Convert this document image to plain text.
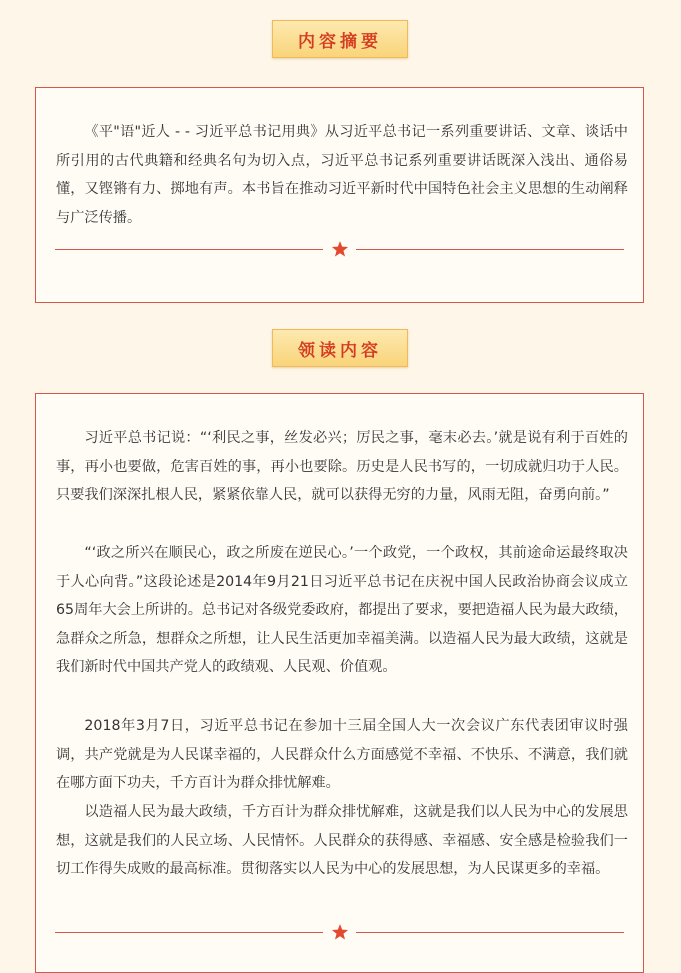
内容摘要

《平"语"近人 - - 习近平总书记用典》从习近平总书记一系列重要讲话、文章、谈话中所引用的古代典籍和经典名句为切入点，习近平总书记系列重要讲话既深入浅出、通俗易懂，又铿锵有力、掷地有声。本书旨在推动习近平新时代中国特色社会主义思想的生动阐释与广泛传播。

领读内容

习近平总书记说：“‘利民之事，丝发必兴；厉民之事，毫末必去。’就是说有利于百姓的事，再小也要做，危害百姓的事，再小也要除。历史是人民书写的，一切成就归功于人民。只要我们深深扎根人民，紧紧依靠人民，就可以获得无穷的力量，风雨无阻，奋勇向前。”

“‘政之所兴在顺民心，政之所废在逆民心。’一个政党，一个政权，其前途命运最终取决于人心向背。”这段论述是2014年9月21日习近平总书记在庆祝中国人民政治协商会议成立65周年大会上所讲的。总书记对各级党委政府，都提出了要求，要把造福人民为最大政绩，急群众之所急，想群众之所想，让人民生活更加幸福美满。以造福人民为最大政绩，这就是我们新时代中国共产党人的政绩观、人民观、价值观。

2018年3月7日，习近平总书记在参加十三届全国人大一次会议广东代表团审议时强调，共产党就是为人民谋幸福的，人民群众什么方面感觉不幸福、不快乐、不满意，我们就在哪方面下功夫，千方百计为群众排忧解难。

以造福人民为最大政绩，千方百计为群众排忧解难，这就是我们以人民为中心的发展思想，这就是我们的人民立场、人民情怀。人民群众的获得感、幸福感、安全感是检验我们一切工作得失成败的最高标准。贯彻落实以人民为中心的发展思想，为人民谋更多的幸福。
